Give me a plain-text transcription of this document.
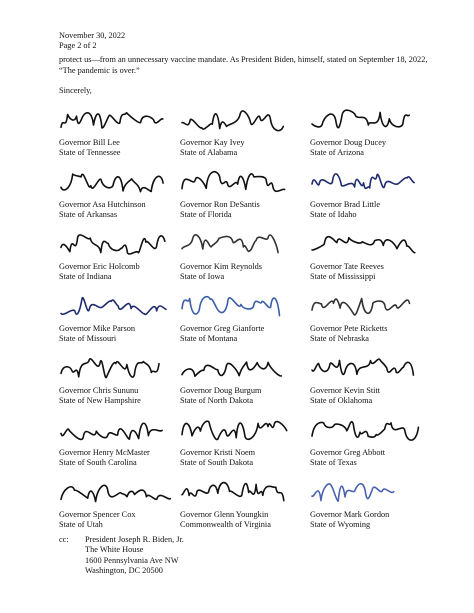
November 30, 2022
Page 2 of 2
protect us—from an unnecessary vaccine mandate. As President Biden, himself, stated on September 18, 2022, “The pandemic is over.”
Sincerely,
Governor Bill Lee
State of Tennessee
Governor Kay Ivey
State of Alabama
Governor Doug Ducey
State of Arizona
Governor Asa Hutchinson
State of Arkansas
Governor Ron DeSantis
State of Florida
Governor Brad Little
State of Idaho
Governor Eric Holcomb
State of Indiana
Governor Kim Reynolds
State of Iowa
Governor Tate Reeves
State of Mississippi
Governor Mike Parson
State of Missouri
Governor Greg Gianforte
State of Montana
Governor Pete Ricketts
State of Nebraska
Governor Chris Sununu
State of New Hampshire
Governor Doug Burgum
State of North Dakota
Governor Kevin Stitt
State of Oklahoma
Governor Henry McMaster
State of South Carolina
Governor Kristi Noem
State of South Dakota
Governor Greg Abbott
State of Texas
Governor Spencer Cox
State of Utah
Governor Glenn Youngkin
Commonwealth of Virginia
Governor Mark Gordon
State of Wyoming
cc: President Joseph R. Biden, Jr.
The White House
1600 Pennsylvania Ave NW
Washington, DC 20500
